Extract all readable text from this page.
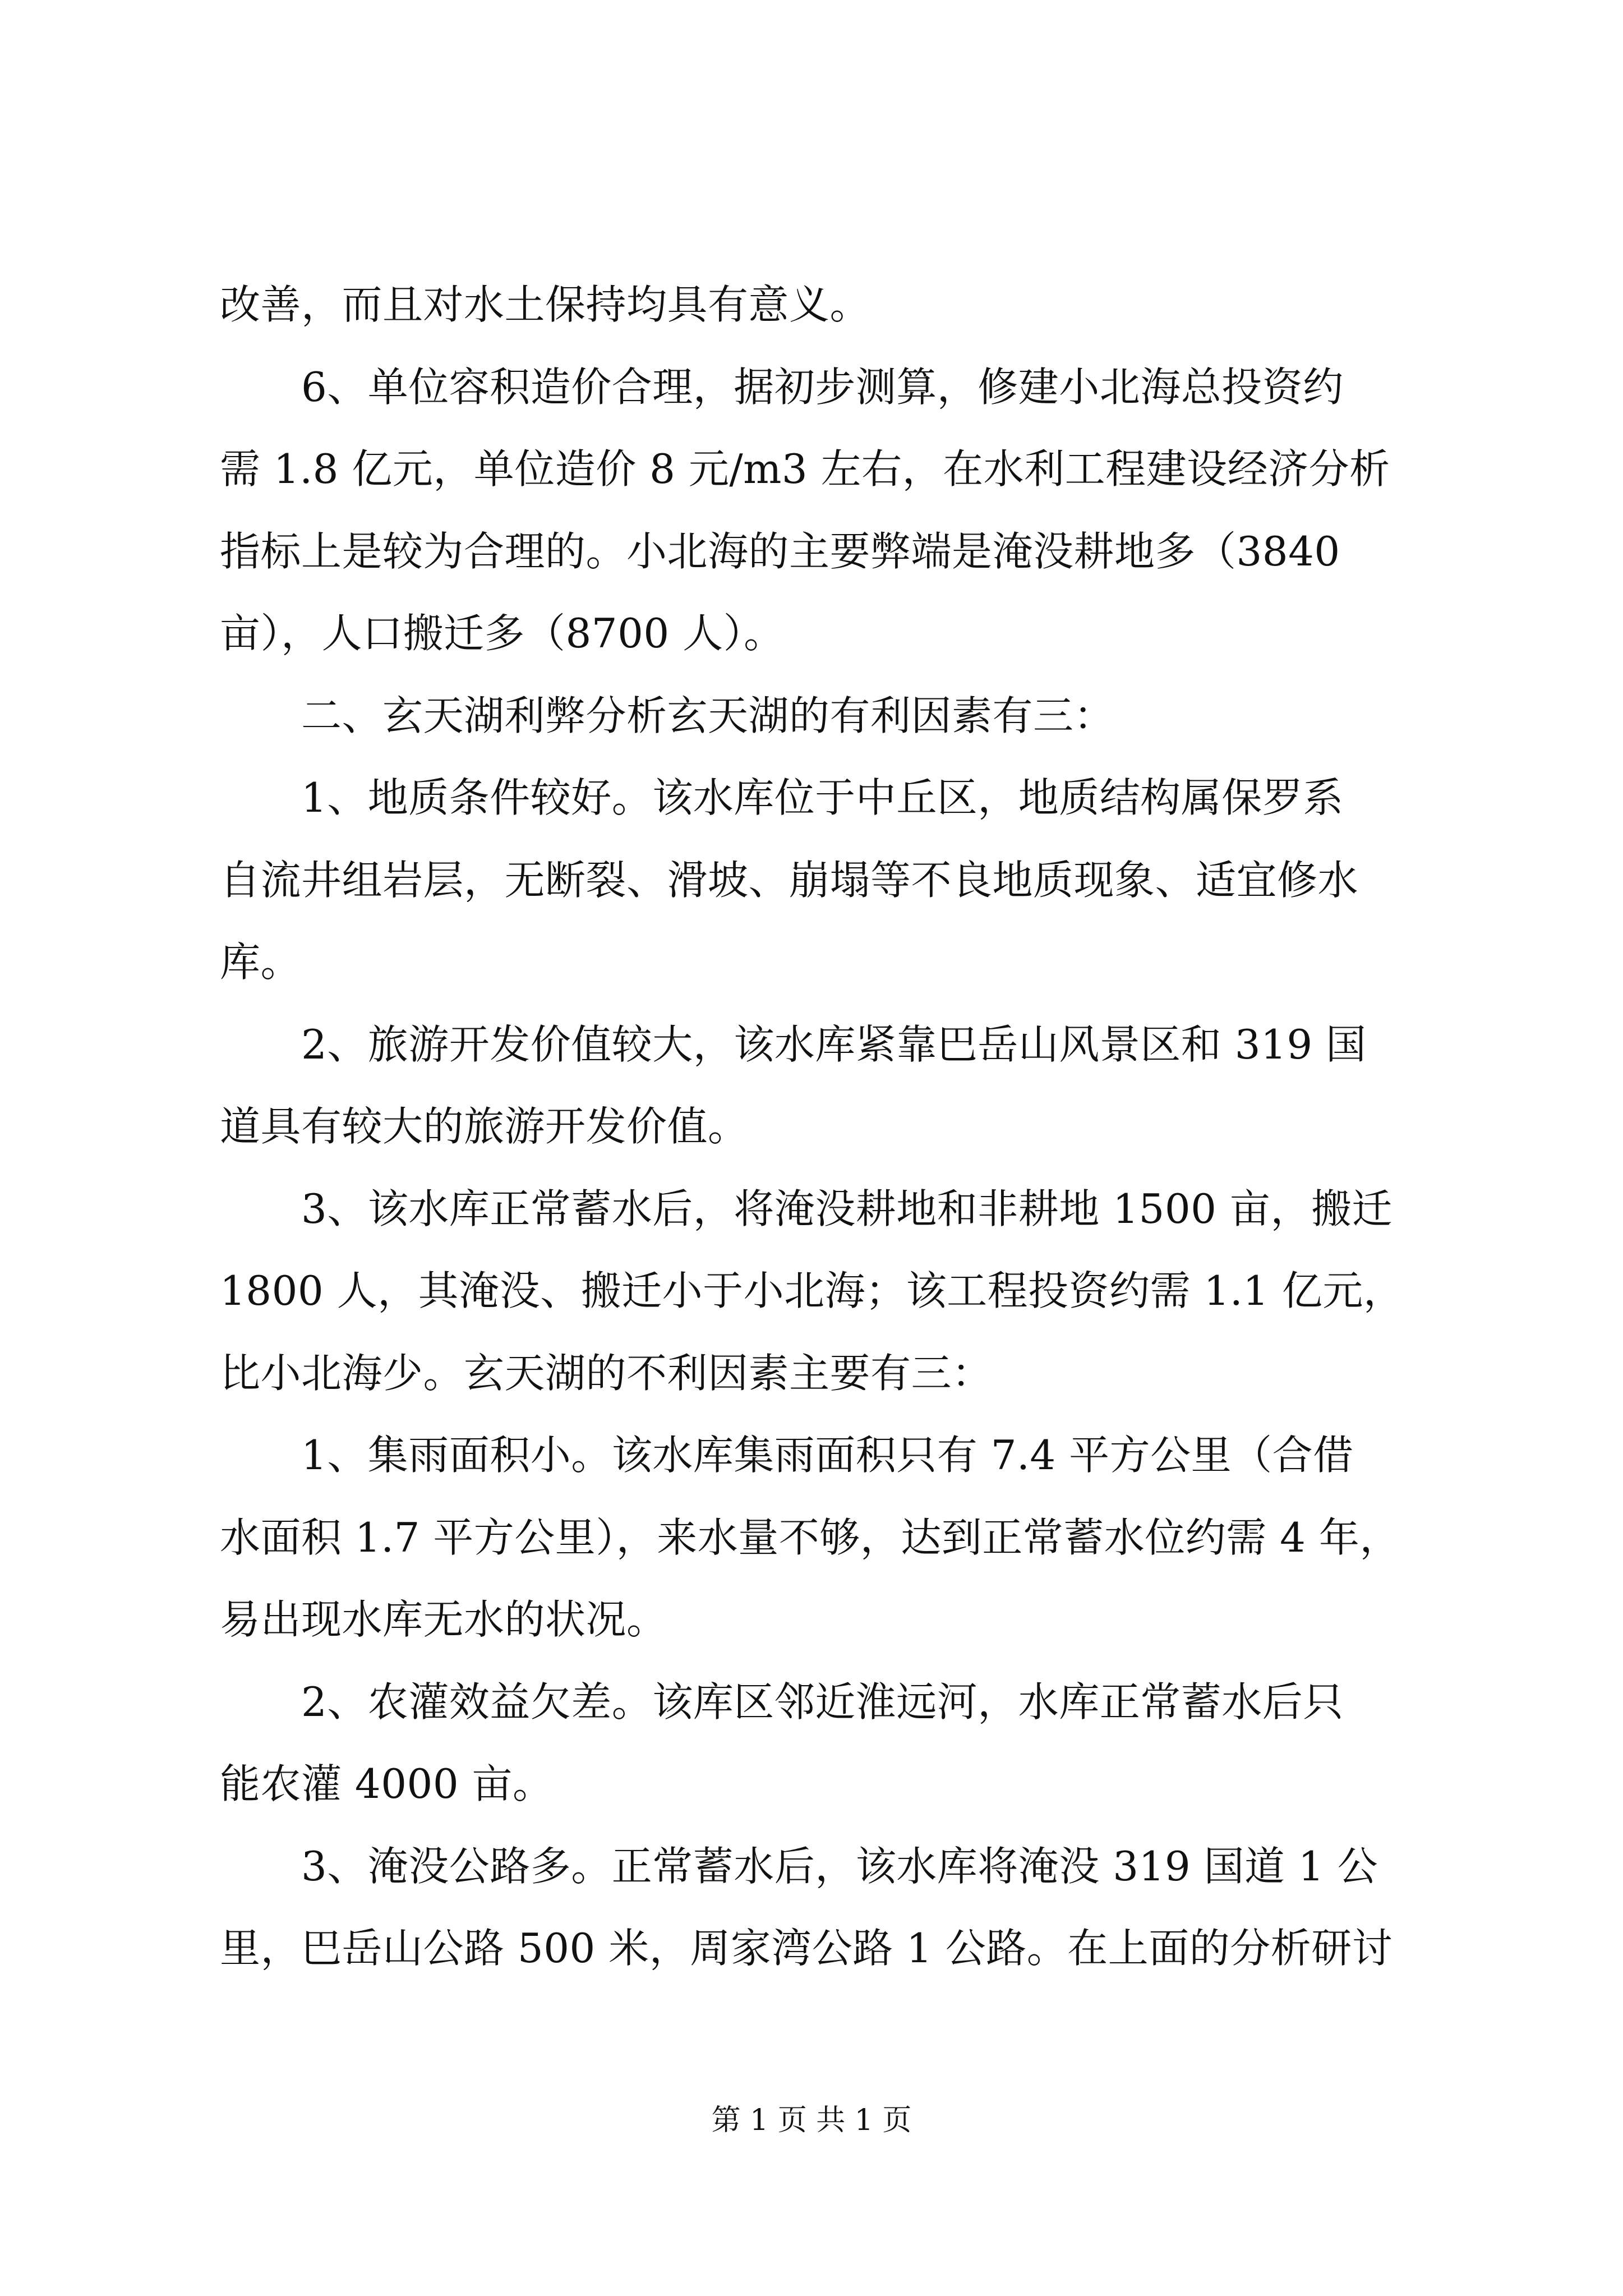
改善，而且对水土保持均具有意义。
　　6、单位容积造价合理，据初步测算，修建小北海总投资约
需 1.8 亿元，单位造价 8 元/m3 左右，在水利工程建设经济分析
指标上是较为合理的。小北海的主要弊端是淹没耕地多（3840
亩），人口搬迁多（8700 人）。
　　二、玄天湖利弊分析玄天湖的有利因素有三：
　　1、地质条件较好。该水库位于中丘区，地质结构属保罗系
自流井组岩层，无断裂、滑坡、崩塌等不良地质现象、适宜修水
库。
　　2、旅游开发价值较大，该水库紧靠巴岳山风景区和 319 国
道具有较大的旅游开发价值。
　　3、该水库正常蓄水后，将淹没耕地和非耕地 1500 亩，搬迁
1800 人，其淹没、搬迁小于小北海；该工程投资约需 1.1 亿元，
比小北海少。玄天湖的不利因素主要有三：
　　1、集雨面积小。该水库集雨面积只有 7.4 平方公里（合借
水面积 1.7 平方公里），来水量不够，达到正常蓄水位约需 4 年，
易出现水库无水的状况。
　　2、农灌效益欠差。该库区邻近淮远河，水库正常蓄水后只
能农灌 4000 亩。
　　3、淹没公路多。正常蓄水后，该水库将淹没 319 国道 1 公
里，巴岳山公路 500 米，周家湾公路 1 公路。在上面的分析研讨
第 1 页 共 1 页
